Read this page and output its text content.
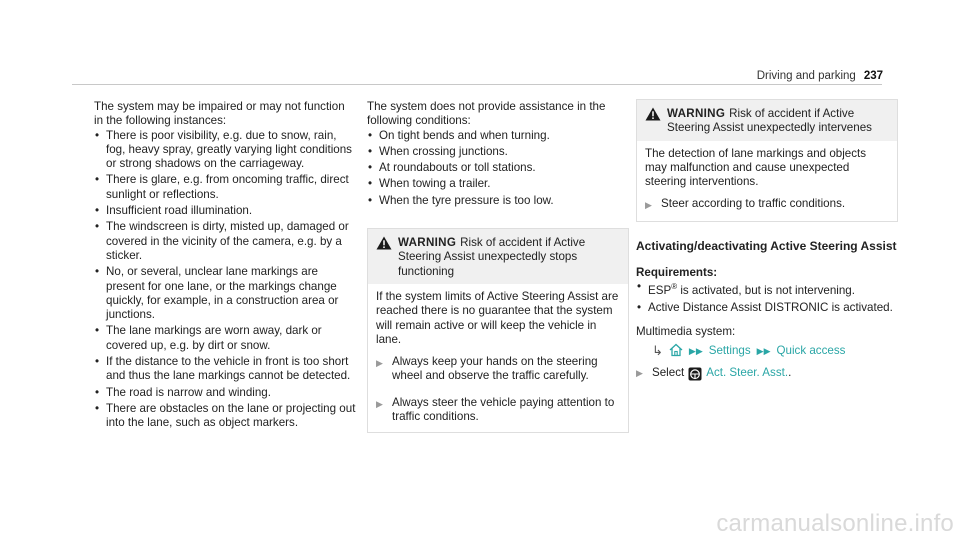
Driving and parking 237

The system may be impaired or may not function in the following instances:

• There is poor visibility, e.g. due to snow, rain, fog, heavy spray, greatly varying light conditions or strong shadows on the carriageway.
• There is glare, e.g. from oncoming traffic, direct sunlight or reflections.
• Insufficient road illumination.
• The windscreen is dirty, misted up, damaged or covered in the vicinity of the camera, e.g. by a sticker.
• No, or several, unclear lane markings are present for one lane, or the markings change quickly, for example, in a construction area or junctions.
• The lane markings are worn away, dark or covered up, e.g. by dirt or snow.
• If the distance to the vehicle in front is too short and thus the lane markings cannot be detected.
• The road is narrow and winding.
• There are obstacles on the lane or projecting out into the lane, such as object markers.

The system does not provide assistance in the following conditions:

• On tight bends and when turning.
• When crossing junctions.
• At roundabouts or toll stations.
• When towing a trailer.
• When the tyre pressure is too low.
WARNING Risk of accident if Active Steering Assist unexpectedly stops functioning

If the system limits of Active Steering Assist are reached there is no guarantee that the system will remain active or will keep the vehicle in lane.

▶ Always keep your hands on the steering wheel and observe the traffic carefully.
▶ Always steer the vehicle paying attention to traffic conditions.
WARNING Risk of accident if Active Steering Assist unexpectedly intervenes

The detection of lane markings and objects may malfunction and cause unexpected steering interventions.

▶ Steer according to traffic conditions.
Activating/deactivating Active Steering Assist
Requirements:
• ESP® is activated, but is not intervening.
• Active Distance Assist DISTRONIC is activated.

Multimedia system:

↳	▶▶ Settings ▶▶ Quick access
▶ Select Act. Steer. Asst. .
carmanualsonline.info
